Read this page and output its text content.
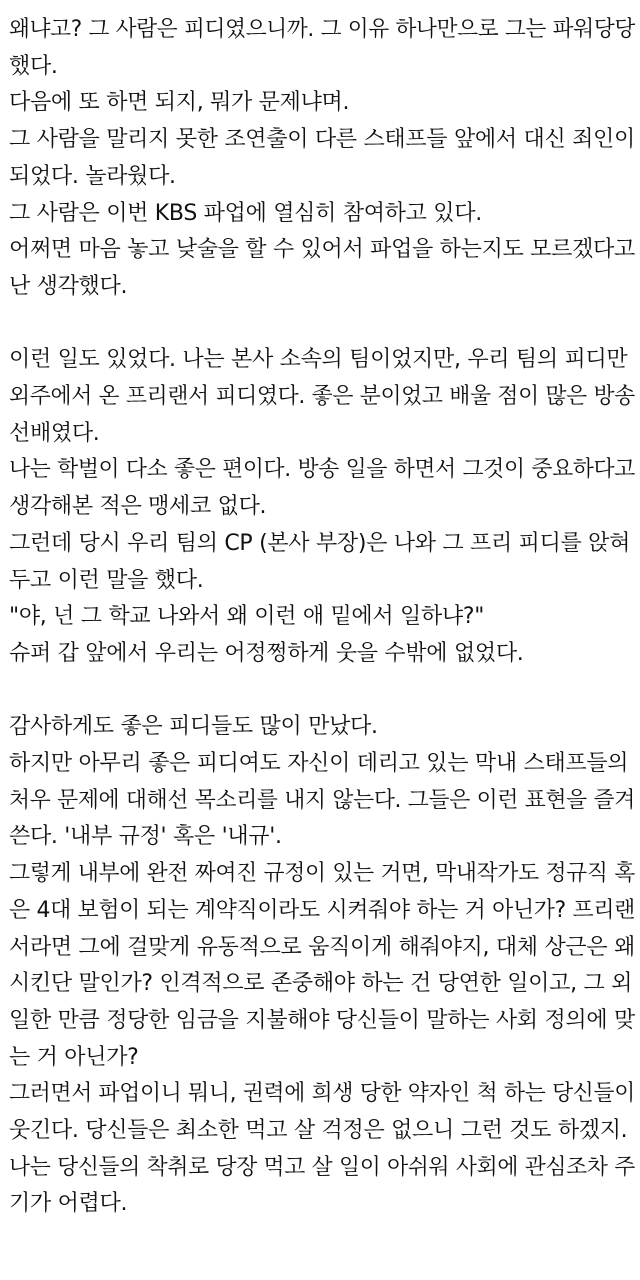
왜냐고? 그 사람은 피디였으니까. 그 이유 하나만으로 그는 파워당당
했다.
다음에 또 하면 되지, 뭐가 문제냐며.
그 사람을 말리지 못한 조연출이 다른 스태프들 앞에서 대신 죄인이
되었다. 놀라웠다.
그 사람은 이번 KBS 파업에 열심히 참여하고 있다.
어쩌면 마음 놓고 낮술을 할 수 있어서 파업을 하는지도 모르겠다고
난 생각했다.
이런 일도 있었다. 나는 본사 소속의 팀이었지만, 우리 팀의 피디만
외주에서 온 프리랜서 피디였다. 좋은 분이었고 배울 점이 많은 방송
선배였다.
나는 학벌이 다소 좋은 편이다. 방송 일을 하면서 그것이 중요하다고
생각해본 적은 맹세코 없다.
그런데 당시 우리 팀의 CP (본사 부장)은 나와 그 프리 피디를 앉혀
두고 이런 말을 했다.
"야, 넌 그 학교 나와서 왜 이런 애 밑에서 일하냐?"
슈퍼 갑 앞에서 우리는 어정쩡하게 웃을 수밖에 없었다.
감사하게도 좋은 피디들도 많이 만났다.
하지만 아무리 좋은 피디여도 자신이 데리고 있는 막내 스태프들의
처우 문제에 대해선 목소리를 내지 않는다. 그들은 이런 표현을 즐겨
쓴다. '내부 규정' 혹은 '내규'.
그렇게 내부에 완전 짜여진 규정이 있는 거면, 막내작가도 정규직 혹
은 4대 보험이 되는 계약직이라도 시켜줘야 하는 거 아닌가? 프리랜
서라면 그에 걸맞게 유동적으로 움직이게 해줘야지, 대체 상근은 왜
시킨단 말인가? 인격적으로 존중해야 하는 건 당연한 일이고, 그 외
일한 만큼 정당한 임금을 지불해야 당신들이 말하는 사회 정의에 맞
는 거 아닌가?
그러면서 파업이니 뭐니, 권력에 희생 당한 약자인 척 하는 당신들이
웃긴다. 당신들은 최소한 먹고 살 걱정은 없으니 그런 것도 하겠지.
나는 당신들의 착취로 당장 먹고 살 일이 아쉬워 사회에 관심조차 주
기가 어렵다.
